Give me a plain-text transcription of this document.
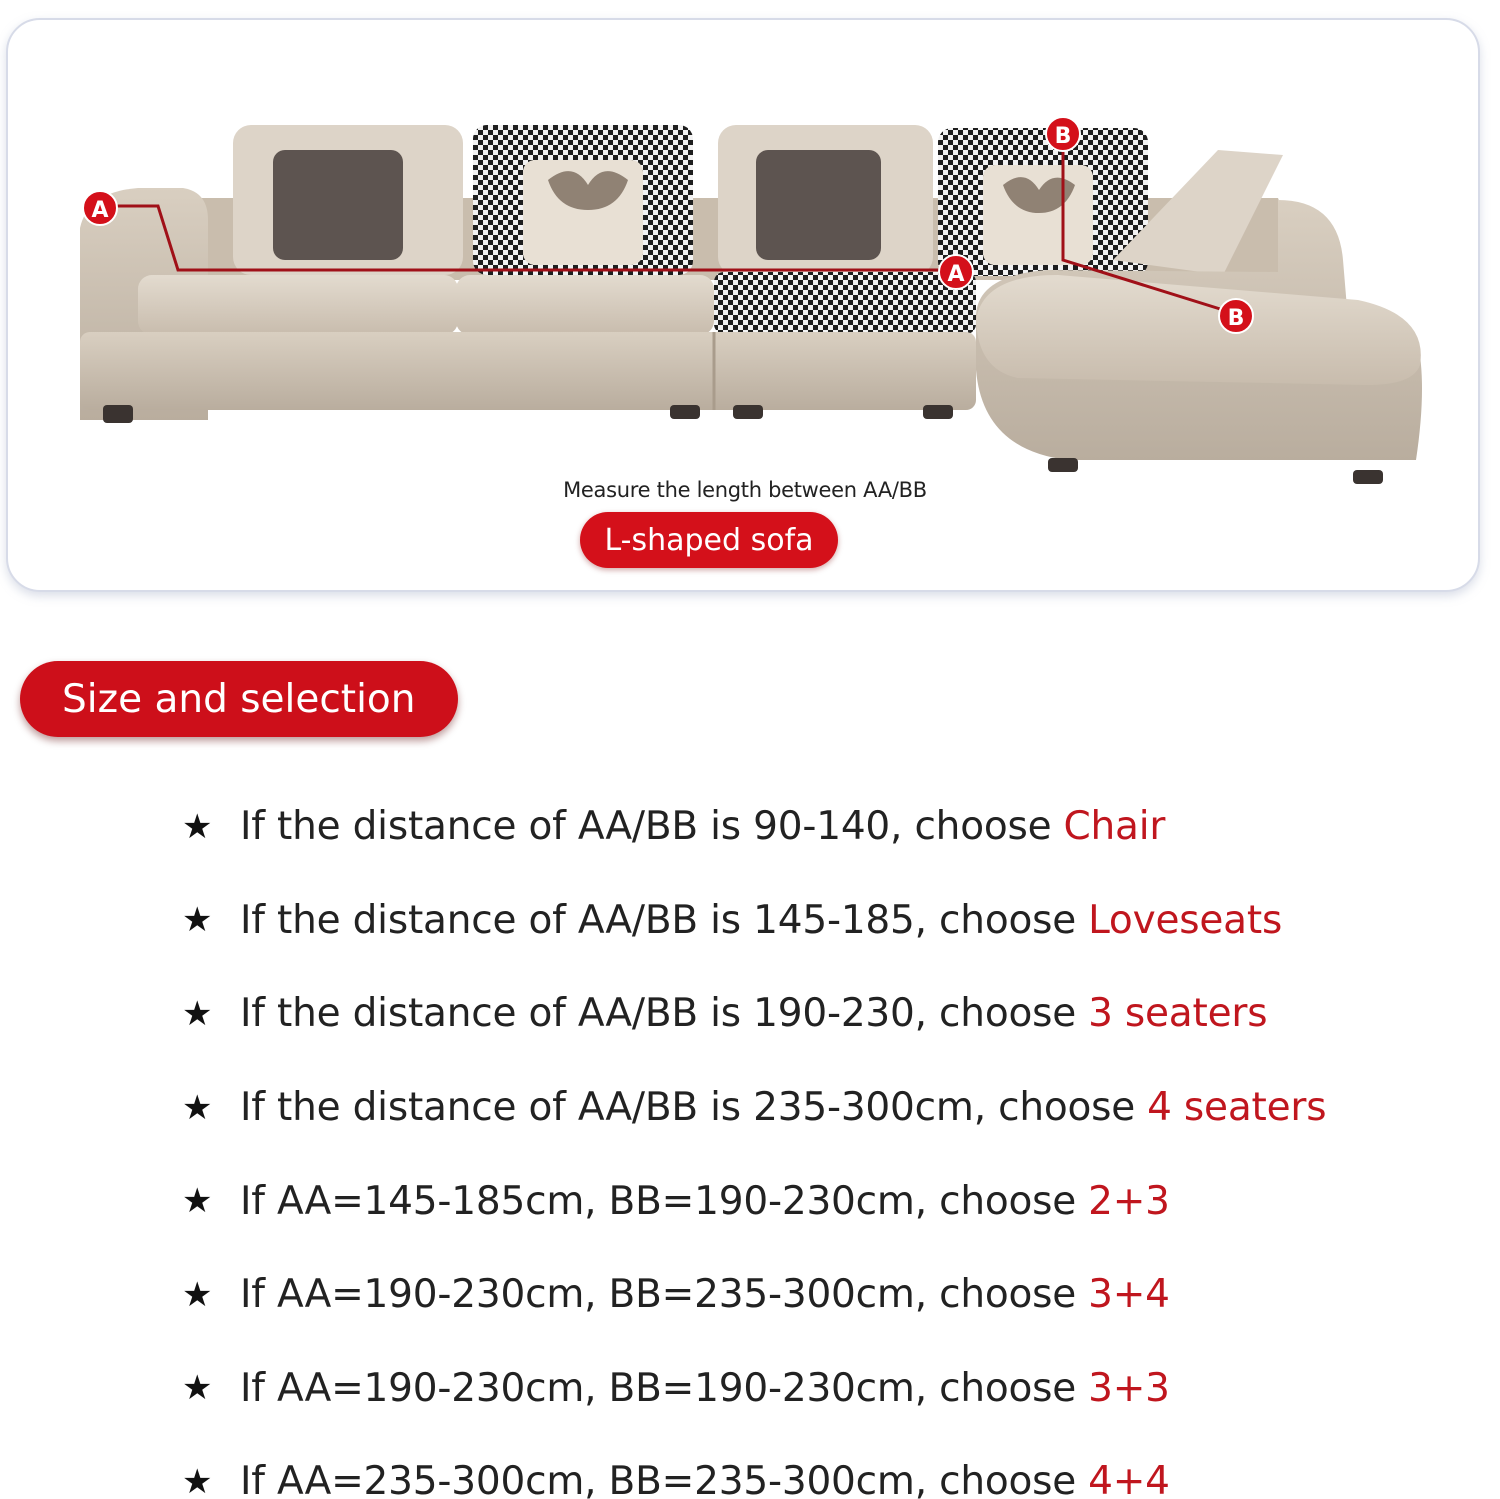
A
A
B
B
Measure the length between AA/BB
L-shaped sofa
Size and selection
★ If the distance of AA/BB is 90-140, choose Chair
★ If the distance of AA/BB is 145-185, choose Loveseats
★ If the distance of AA/BB is 190-230, choose 3 seaters
★ If the distance of AA/BB is 235-300cm, choose 4 seaters
★ If AA=145-185cm, BB=190-230cm, choose 2+3
★ If AA=190-230cm, BB=235-300cm, choose 3+4
★ If AA=190-230cm, BB=190-230cm, choose 3+3
★ If AA=235-300cm, BB=235-300cm, choose 4+4
